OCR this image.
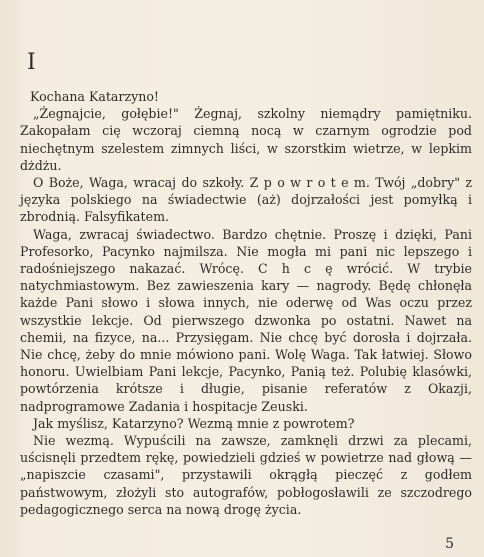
I

Kochana Katarzyno!

„Żegnajcie, gołębie!" Żegnaj, szkolny niemądry pamiętniku. Zakopałam cię wczoraj ciemną nocą w czarnym ogrodzie pod niechętnym szelestem zimnych liści, w szorstkim wietrze, w lepkim dżdżu.

O Boże, Waga, wracaj do szkoły. Z p o w r o t e m. Twój „dobry" z języka polskiego na świadectwie (aż) dojrzałości jest pomyłką i zbrodnią. Falsyfikatem.

Waga, zwracaj świadectwo. Bardzo chętnie. Proszę i dzięki, Pani Profesorko, Pacynko najmilsza. Nie mogła mi pani nic lepszego i radośniejszego nakazać. Wrócę. C h c ę wrócić. W trybie natychmiastowym. Bez zawieszenia kary — nagrody. Będę chłonęła każde Pani słowo i słowa innych, nie oderwę od Was oczu przez wszystkie lekcje. Od pierwszego dzwonka po ostatni. Nawet na chemii, na fizyce, na... Przysięgam. Nie chcę być dorosła i dojrzała. Nie chcę, żeby do mnie mówiono pani. Wolę Waga. Tak łatwiej. Słowo honoru. Uwielbiam Pani lekcje, Pacynko, Panią też. Polubię klasówki, powtórzenia krótsze i długie, pisanie referatów z Okazji, nadprogramowe Zadania i hospitacje Zeuski.

Jak myślisz, Katarzyno? Wezmą mnie z powrotem?

Nie wezmą. Wypuścili na zawsze, zamknęli drzwi za plecami, uścisnęli przedtem rękę, powiedzieli gdzieś w powietrze nad głową — „napiszcie czasami", przystawili okrągłą pieczęć z godłem państwowym, złożyli sto autografów, pobłogosławili ze szczodrego pedagogicznego serca na nową drogę życia.

5
